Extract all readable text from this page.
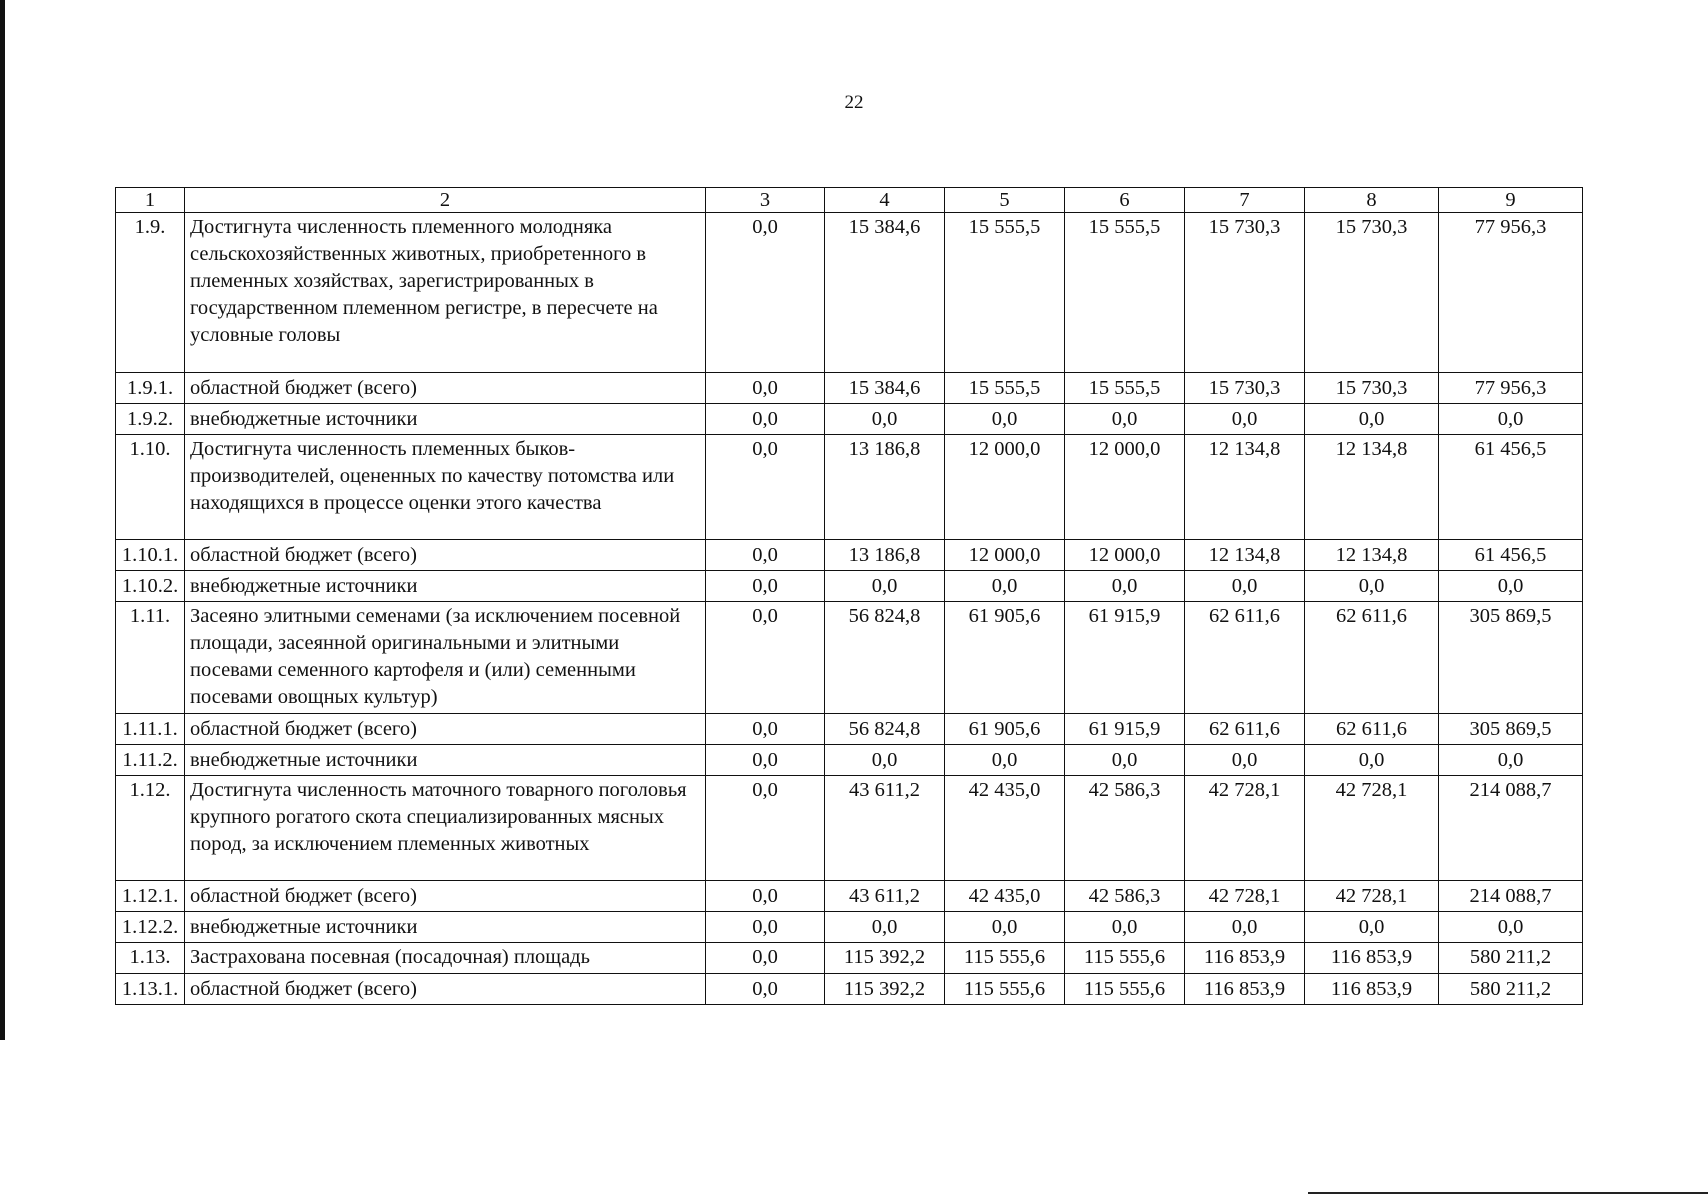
22
1	2	3	4	5	6	7	8	9
1.9.	Достигнута численность племенного молодняка сельскохозяйственных животных, приобретенного в племенных хозяйствах, зарегистрированных в государственном племенном регистре, в пересчете на условные головы	0,0	15 384,6	15 555,5	15 555,5	15 730,3	15 730,3	77 956,3
1.9.1.	областной бюджет (всего)	0,0	15 384,6	15 555,5	15 555,5	15 730,3	15 730,3	77 956,3
1.9.2.	внебюджетные источники	0,0	0,0	0,0	0,0	0,0	0,0	0,0
1.10.	Достигнута численность племенных быков-производителей, оцененных по качеству потомства или находящихся в процессе оценки этого качества	0,0	13 186,8	12 000,0	12 000,0	12 134,8	12 134,8	61 456,5
1.10.1.	областной бюджет (всего)	0,0	13 186,8	12 000,0	12 000,0	12 134,8	12 134,8	61 456,5
1.10.2.	внебюджетные источники	0,0	0,0	0,0	0,0	0,0	0,0	0,0
1.11.	Засеяно элитными семенами (за исключением посевной площади, засеянной оригинальными и элитными посевами семенного картофеля и (или) семенными посевами овощных культур)	0,0	56 824,8	61 905,6	61 915,9	62 611,6	62 611,6	305 869,5
1.11.1.	областной бюджет (всего)	0,0	56 824,8	61 905,6	61 915,9	62 611,6	62 611,6	305 869,5
1.11.2.	внебюджетные источники	0,0	0,0	0,0	0,0	0,0	0,0	0,0
1.12.	Достигнута численность маточного товарного поголовья крупного рогатого скота специализированных мясных пород, за исключением племенных животных	0,0	43 611,2	42 435,0	42 586,3	42 728,1	42 728,1	214 088,7
1.12.1.	областной бюджет (всего)	0,0	43 611,2	42 435,0	42 586,3	42 728,1	42 728,1	214 088,7
1.12.2.	внебюджетные источники	0,0	0,0	0,0	0,0	0,0	0,0	0,0
1.13.	Застрахована посевная (посадочная) площадь	0,0	115 392,2	115 555,6	115 555,6	116 853,9	116 853,9	580 211,2
1.13.1.	областной бюджет (всего)	0,0	115 392,2	115 555,6	115 555,6	116 853,9	116 853,9	580 211,2
